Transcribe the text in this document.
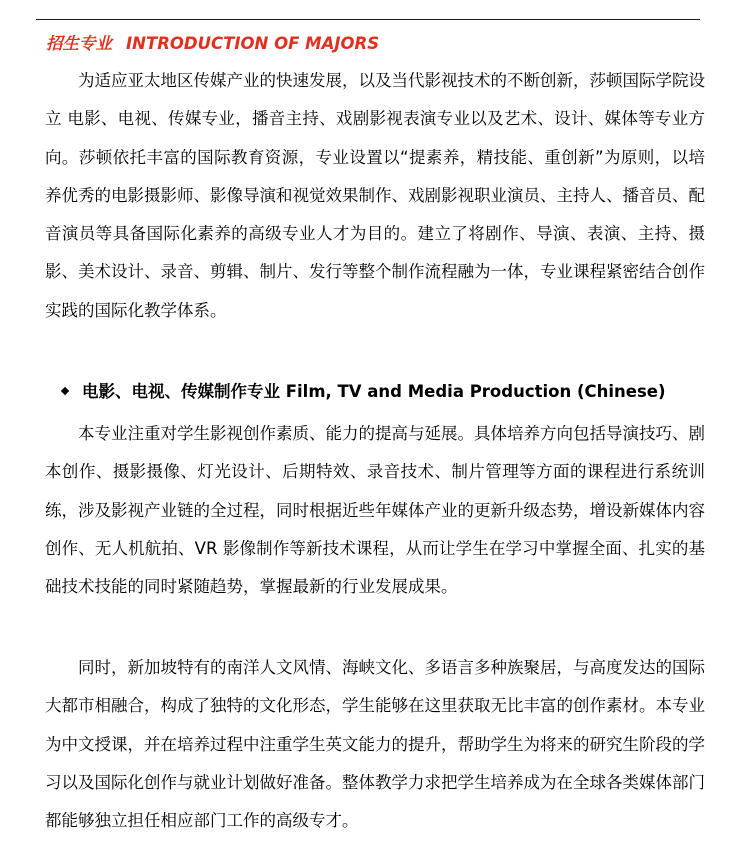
招生专业 INTRODUCTION OF MAJORS

为适应亚太地区传媒产业的快速发展，以及当代影视技术的不断创新，莎顿国际学院设立 电影、电视、传媒专业，播音主持、戏剧影视表演专业以及艺术、设计、媒体等专业方向。莎顿依托丰富的国际教育资源，专业设置以“提素养，精技能、重创新”为原则，以培养优秀的电影摄影师、影像导演和视觉效果制作、戏剧影视职业演员、主持人、播音员、配音演员等具备国际化素养的高级专业人才为目的。建立了将剧作、导演、表演、主持、摄影、美术设计、录音、剪辑、制片、发行等整个制作流程融为一体，专业课程紧密结合创作实践的国际化教学体系。

电影、电视、传媒制作专业 Film, TV and Media Production (Chinese)

本专业注重对学生影视创作素质、能力的提高与延展。具体培养方向包括导演技巧、剧本创作、摄影摄像、灯光设计、后期特效、录音技术、制片管理等方面的课程进行系统训练，涉及影视产业链的全过程，同时根据近些年媒体产业的更新升级态势，增设新媒体内容创作、无人机航拍、VR 影像制作等新技术课程，从而让学生在学习中掌握全面、扎实的基础技术技能的同时紧随趋势，掌握最新的行业发展成果。

同时，新加坡特有的南洋人文风情、海峡文化、多语言多种族聚居，与高度发达的国际大都市相融合，构成了独特的文化形态，学生能够在这里获取无比丰富的创作素材。本专业为中文授课，并在培养过程中注重学生英文能力的提升，帮助学生为将来的研究生阶段的学习以及国际化创作与就业计划做好准备。整体教学力求把学生培养成为在全球各类媒体部门都能够独立担任相应部门工作的高级专才。
